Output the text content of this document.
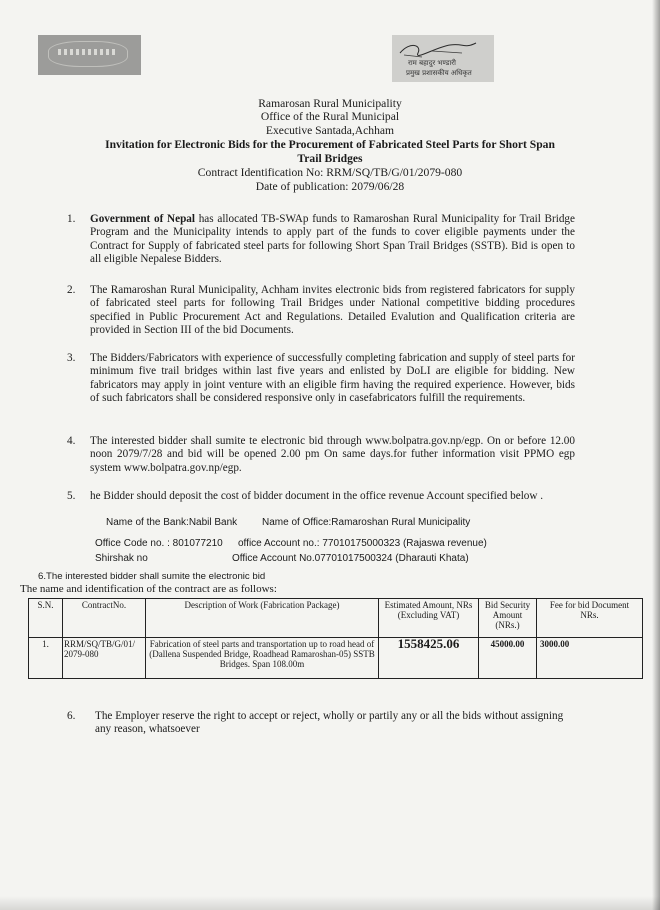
राम बहादुर भण्डारी
प्रमुख प्रशासकीय अधिकृत
Ramarosan Rural Municipality
Office of the Rural Municipal
Executive Santada,Achham
Invitation for Electronic Bids for the Procurement of Fabricated Steel Parts for Short Span
Trail Bridges
Contract Identification No: RRM/SQ/TB/G/01/2079-080
Date of publication: 2079/06/28
1. Government of Nepal has allocated TB-SWAp funds to Ramaroshan Rural Municipality for Trail Bridge Program and the Municipality intends to apply part of the funds to cover eligible payments under the Contract for Supply of fabricated steel parts for following Short Span Trail Bridges (SSTB). Bid is open to all eligible Nepalese Bidders.
2. The Ramaroshan Rural Municipality, Achham invites electronic bids from registered fabricators for supply of fabricated steel parts for following Trail Bridges under National competitive bidding procedures specified in Public Procurement Act and Regulations. Detailed Evalution and Qualification criteria are provided in Section III of the bid Documents.
3. The Bidders/Fabricators with experience of successfully completing fabrication and supply of steel parts for minimum five trail bridges within last five years and enlisted by DoLI are eligible for bidding. New fabricators may apply in joint venture with an eligible firm having the required experience. However, bids of such fabricators shall be considered responsive only in casefabricators fulfill the requirements.
4. The interested bidder shall sumite te electronic bid through www.bolpatra.gov.np/egp. On or before 12.00 noon 2079/7/28 and bid will be opened 2.00 pm On same days.for futher information visit PPMO egp system www.bolpatra.gov.np/egp.
5. he Bidder should deposit the cost of bidder document in the office revenue Account specified below .
Name of the Bank:Nabil Bank Name of Office:Ramaroshan Rural Municipality
Office Code no. : 801077210 office Account no.: 77010175000323 (Rajaswa revenue)
Shirshak no	Office Account No.07701017500324 (Dharauti Khata)
6.The interested bidder shall sumite the electronic bid
The name and identification of the contract are as follows:
S.N.	ContractNo.	Description of Work (Fabrication Package)	Estimated Amount, NRs (Excluding VAT)	Bid Security Amount (NRs.)	Fee for bid Document NRs.
1.	RRM/SQ/TB/G/01/ 2079-080	Fabrication of steel parts and transportation up to road head of (Dallena Suspended Bridge, Roadhead Ramaroshan-05) SSTB Bridges. Span 108.00m	1558425.06	45000.00	3000.00
6. The Employer reserve the right to accept or reject, wholly or partily any or all the bids without assigning any reason, whatsoever
